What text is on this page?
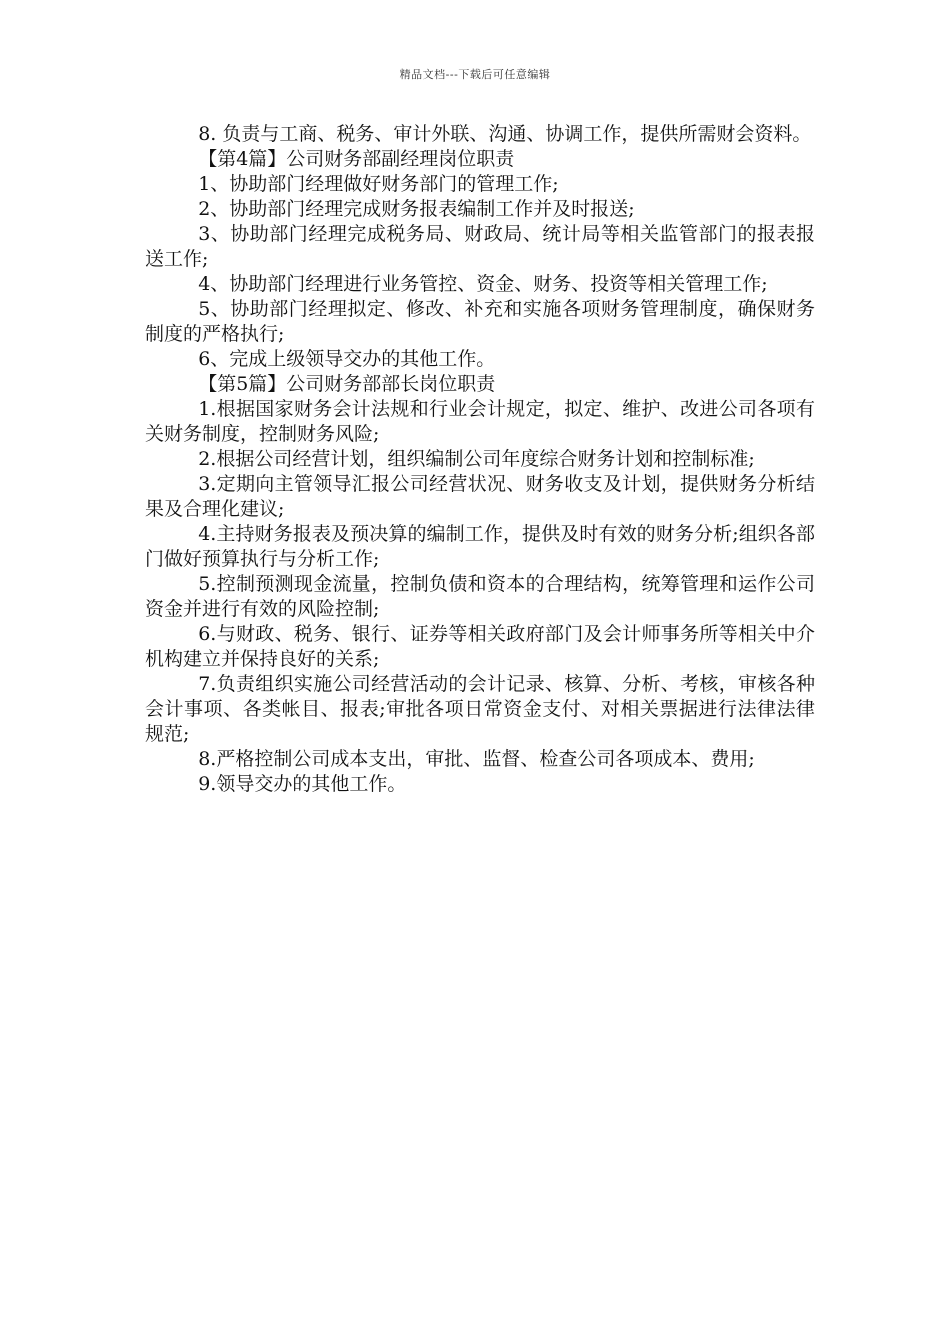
精品文档---下载后可任意编辑

8. 负责与工商、税务、审计外联、沟通、协调工作，提供所需财会资料。

【第4篇】公司财务部副经理岗位职责

1、协助部门经理做好财务部门的管理工作;

2、协助部门经理完成财务报表编制工作并及时报送;

3、协助部门经理完成税务局、财政局、统计局等相关监管部门的报表报送工作;

4、协助部门经理进行业务管控、资金、财务、投资等相关管理工作;

5、协助部门经理拟定、修改、补充和实施各项财务管理制度，确保财务制度的严格执行;

6、完成上级领导交办的其他工作。

【第5篇】公司财务部部长岗位职责

1.根据国家财务会计法规和行业会计规定，拟定、维护、改进公司各项有关财务制度，控制财务风险;

2.根据公司经营计划，组织编制公司年度综合财务计划和控制标准;

3.定期向主管领导汇报公司经营状况、财务收支及计划，提供财务分析结果及合理化建议;

4.主持财务报表及预决算的编制工作，提供及时有效的财务分析;组织各部门做好预算执行与分析工作;

5.控制预测现金流量，控制负债和资本的合理结构，统筹管理和运作公司资金并进行有效的风险控制;

6.与财政、税务、银行、证券等相关政府部门及会计师事务所等相关中介机构建立并保持良好的关系;

7.负责组织实施公司经营活动的会计记录、核算、分析、考核，审核各种会计事项、各类帐目、报表;审批各项日常资金支付、对相关票据进行法律法律规范;

8.严格控制公司成本支出，审批、监督、检查公司各项成本、费用;

9.领导交办的其他工作。
